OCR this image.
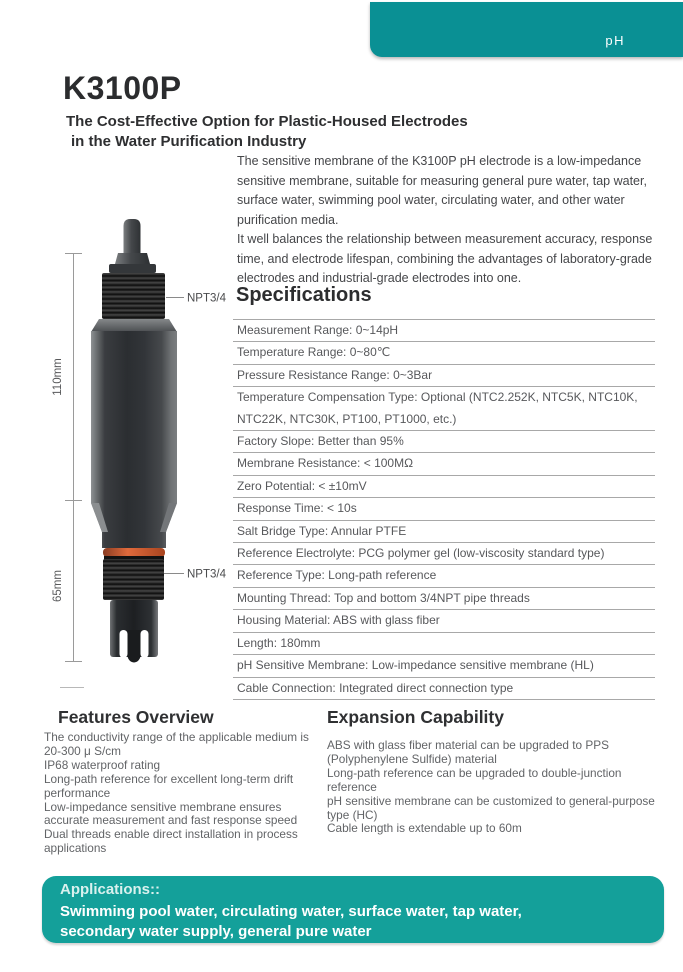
pH
K3100P
The Cost-Effective Option for Plastic-Housed Electrodes
in the Water Purification Industry
The sensitive membrane of the K3100P pH electrode is a low-impedance sensitive membrane, suitable for measuring general pure water, tap water, surface water, swimming pool water, circulating water, and other water purification media.
It well balances the relationship between measurement accuracy, response time, and electrode lifespan, combining the advantages of laboratory-grade electrodes and industrial-grade electrodes into one.
Specifications
Measurement Range: 0~14pH
Temperature Range: 0~80℃
Pressure Resistance Range: 0~3Bar
Temperature Compensation Type: Optional (NTC2.252K, NTC5K, NTC10K, NTC22K, NTC30K, PT100, PT1000, etc.)
Factory Slope: Better than 95%
Membrane Resistance: < 100MΩ
Zero Potential: < ±10mV
Response Time: < 10s
Salt Bridge Type: Annular PTFE
Reference Electrolyte: PCG polymer gel (low-viscosity standard type)
Reference Type: Long-path reference
Mounting Thread: Top and bottom 3/4NPT pipe threads
Housing Material: ABS with glass fiber
Length: 180mm
pH Sensitive Membrane: Low-impedance sensitive membrane (HL)
Cable Connection: Integrated direct connection type
110mm
65mm
NPT3/4
NPT3/4
Features Overview
The conductivity range of the applicable medium is 20-300 μ S/cm
IP68 waterproof rating
Long-path reference for excellent long-term drift performance
Low-impedance sensitive membrane ensures accurate measurement and fast response speed
Dual threads enable direct installation in process applications
Expansion Capability
ABS with glass fiber material can be upgraded to PPS (Polyphenylene Sulfide) material
Long-path reference can be upgraded to double-junction reference
pH sensitive membrane can be customized to general-purpose type (HC)
Cable length is extendable up to 60m
Applications::
Swimming pool water, circulating water, surface water, tap water, secondary water supply, general pure water
